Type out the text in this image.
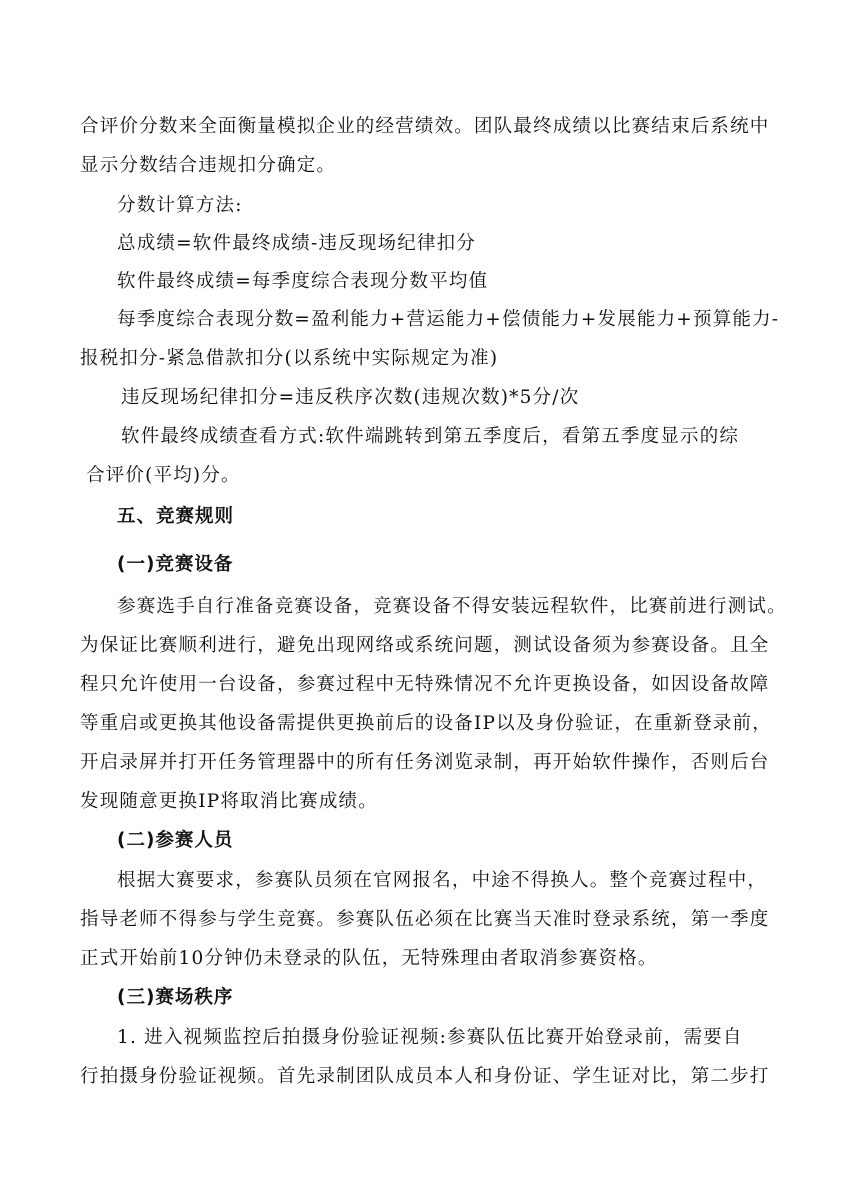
合评价分数来全面衡量模拟企业的经营绩效。团队最终成绩以比赛结束后系统中
显示分数结合违规扣分确定。
分数计算方法:
总成绩=软件最终成绩-违反现场纪律扣分
软件最终成绩=每季度综合表现分数平均值
每季度综合表现分数=盈利能力+营运能力+偿债能力+发展能力+预算能力-
报税扣分-紧急借款扣分(以系统中实际规定为准)
违反现场纪律扣分=违反秩序次数(违规次数)*5分/次
软件最终成绩查看方式:软件端跳转到第五季度后，看第五季度显示的综
合评价(平均)分。
五、竞赛规则
(一)竞赛设备
参赛选手自行准备竞赛设备，竞赛设备不得安装远程软件，比赛前进行测试。
为保证比赛顺利进行，避免出现网络或系统问题，测试设备须为参赛设备。且全
程只允许使用一台设备，参赛过程中无特殊情况不允许更换设备，如因设备故障
等重启或更换其他设备需提供更换前后的设备IP以及身份验证，在重新登录前，
开启录屏并打开任务管理器中的所有任务浏览录制，再开始软件操作，否则后台
发现随意更换IP将取消比赛成绩。
(二)参赛人员
根据大赛要求，参赛队员须在官网报名，中途不得换人。整个竞赛过程中，
指导老师不得参与学生竞赛。参赛队伍必须在比赛当天准时登录系统，第一季度
正式开始前10分钟仍未登录的队伍，无特殊理由者取消参赛资格。
(三)赛场秩序
1. 进入视频监控后拍摄身份验证视频:参赛队伍比赛开始登录前，需要自
行拍摄身份验证视频。首先录制团队成员本人和身份证、学生证对比，第二步打
